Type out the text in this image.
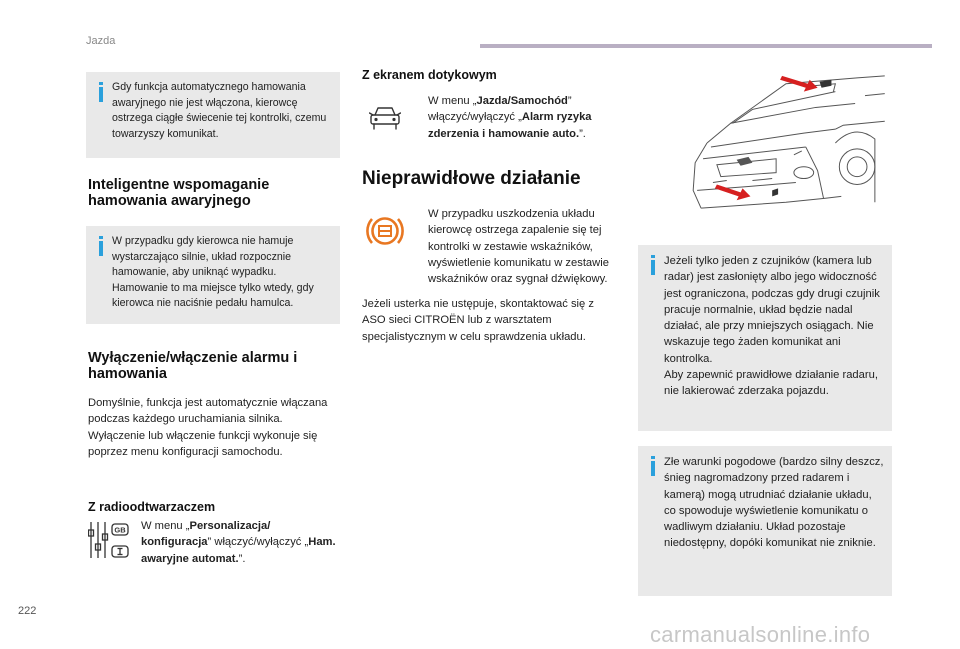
Jazda
Gdy funkcja automatycznego hamowania awaryjnego nie jest włączona, kierowcę ostrzega ciągłe świecenie tej kontrolki, czemu towarzyszy komunikat.
Inteligentne wspomaganie hamowania awaryjnego
W przypadku gdy kierowca nie hamuje wystarczająco silnie, układ rozpocznie hamowanie, aby uniknąć wypadku. Hamowanie to ma miejsce tylko wtedy, gdy kierowca nie naciśnie pedału hamulca.
Wyłączenie/włączenie alarmu i hamowania
Domyślnie, funkcja jest automatycznie włączana podczas każdego uruchamiania silnika.
Wyłączenie lub włączenie funkcji wykonuje się poprzez menu konfiguracji samochodu.
Z radioodtwarzaczem
GB W menu „Personalizacja/ konfiguracja” włączyć/wyłączyć „Ham. awaryjne automat.”.
Z ekranem dotykowym
W menu „Jazda/Samochód” włączyć/wyłączyć „Alarm ryzyka zderzenia i hamowanie auto.”.
Nieprawidłowe działanie
W przypadku uszkodzenia układu kierowcę ostrzega zapalenie się tej kontrolki w zestawie wskaźników, wyświetlenie komunikatu w zestawie wskaźników oraz sygnał dźwiękowy.
Jeżeli usterka nie ustępuje, skontaktować się z ASO sieci CITROËN lub z warsztatem specjalistycznym w celu sprawdzenia układu.
Jeżeli tylko jeden z czujników (kamera lub radar) jest zasłonięty albo jego widoczność jest ograniczona, podczas gdy drugi czujnik pracuje normalnie, układ będzie nadal działać, ale przy mniejszych osiągach. Nie wskazuje tego żaden komunikat ani kontrolka.
Aby zapewnić prawidłowe działanie radaru, nie lakierować zderzaka pojazdu.
Złe warunki pogodowe (bardzo silny deszcz, śnieg nagromadzony przed radarem i kamerą) mogą utrudniać działanie układu, co spowoduje wyświetlenie komunikatu o wadliwym działaniu. Układ pozostaje niedostępny, dopóki komunikat nie zniknie.
222
carmanualsonline.info
